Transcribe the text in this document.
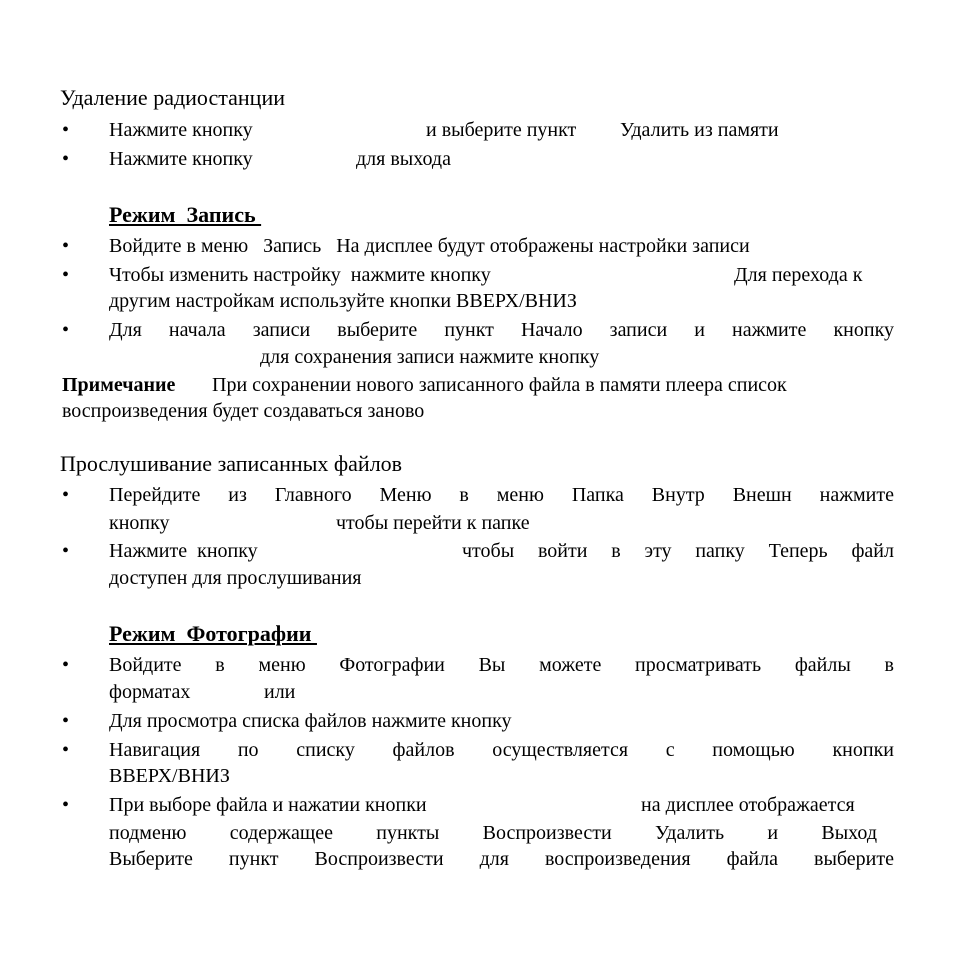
Удаление радиостанции
• Нажмите кнопку	и выберите пункт Удалить из памяти
• Нажмите кнопку	для выхода
Режим  Запись
• Войдите в меню   Запись   На дисплее будут отображены настройки записи
• Чтобы изменить настройку  нажмите кнопку	Для перехода к
другим настройкам используйте кнопки ВВЕРХ/ВНИЗ
• Для начала записи выберите пункт Начало записи и нажмите кнопку
для сохранения записи нажмите кнопку
Примечание При сохранении нового записанного файла в памяти плеера список
воспроизведения будет создаваться заново
Прослушивание записанных файлов
• Перейдите из Главного Меню в меню Папка Внутр Внешн нажмите
кнопку	чтобы перейти к папке
• Нажмите  кнопку	чтобы войти в эту папку Теперь файл
доступен для прослушивания
Режим  Фотографии
• Войдите в меню Фотографии Вы можете просматривать файлы в
форматах	или
• Для просмотра списка файлов нажмите кнопку
• Навигация по списку файлов осуществляется с помощью кнопки
ВВЕРХ/ВНИЗ
• При выборе файла и нажатии кнопки	на дисплее отображается
подменю содержащее пункты Воспроизвести Удалить и Выход
Выберите пункт Воспроизвести для воспроизведения файла выберите
